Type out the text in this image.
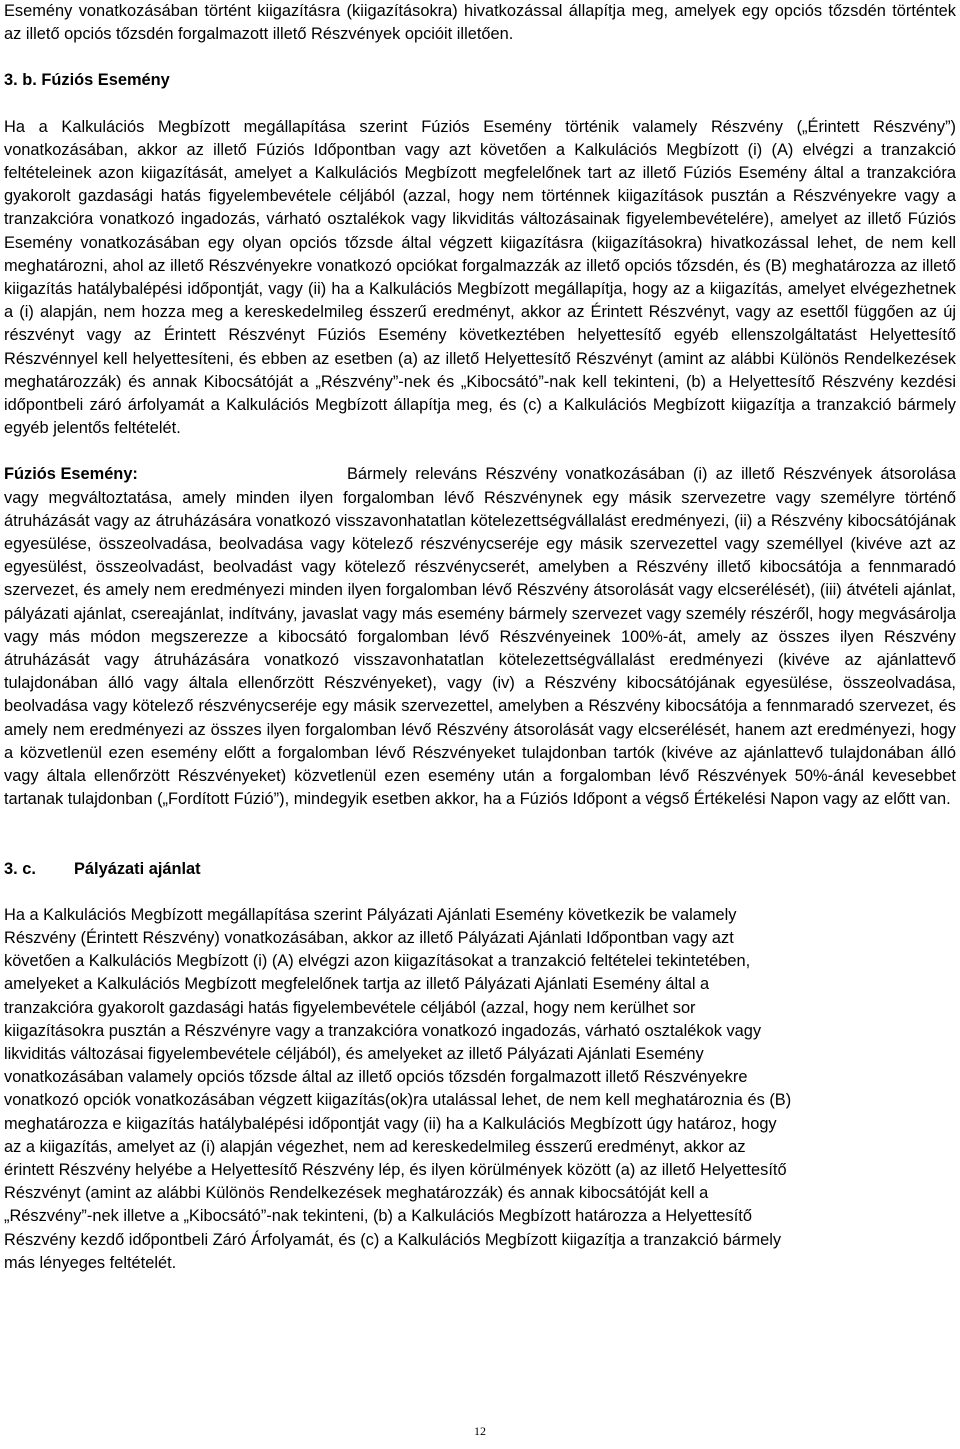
Esemény vonatkozásában történt kiigazításra (kiigazításokra) hivatkozással állapítja meg, amelyek egy opciós tőzsdén történtek az illető opciós tőzsdén forgalmazott illető Részvények opcióit illetően.

3. b. Fúziós Esemény

Ha a Kalkulációs Megbízott megállapítása szerint Fúziós Esemény történik valamely Részvény („Érintett Részvény”) vonatkozásában, akkor az illető Fúziós Időpontban vagy azt követően a Kalkulációs Megbízott (i) (A) elvégzi a tranzakció feltételeinek azon kiigazítását, amelyet a Kalkulációs Megbízott megfelelőnek tart az illető Fúziós Esemény által a tranzakcióra gyakorolt gazdasági hatás figyelembevétele céljából (azzal, hogy nem történnek kiigazítások pusztán a Részvényekre vagy a tranzakcióra vonatkozó ingadozás, várható osztalékok vagy likviditás változásainak figyelembevételére), amelyet az illető Fúziós Esemény vonatkozásában egy olyan opciós tőzsde által végzett kiigazításra (kiigazításokra) hivatkozással lehet, de nem kell meghatározni, ahol az illető Részvényekre vonatkozó opciókat forgalmazzák az illető opciós tőzsdén, és (B) meghatározza az illető kiigazítás hatálybalépési időpontját, vagy (ii) ha a Kalkulációs Megbízott megállapítja, hogy az a kiigazítás, amelyet elvégezhetnek a (i) alapján, nem hozza meg a kereskedelmileg ésszerű eredményt, akkor az Érintett Részvényt, vagy az esettől függően az új részvényt vagy az Érintett Részvényt Fúziós Esemény következtében helyettesítő egyéb ellenszolgáltatást Helyettesítő Részvénnyel kell helyettesíteni, és ebben az esetben (a) az illető Helyettesítő Részvényt (amint az alábbi Különös Rendelkezések meghatározzák) és annak Kibocsátóját a „Részvény”-nek és „Kibocsátó”-nak kell tekinteni, (b) a Helyettesítő Részvény kezdési időpontbeli záró árfolyamát a Kalkulációs Megbízott állapítja meg, és (c) a Kalkulációs Megbízott kiigazítja a tranzakció bármely egyéb jelentős feltételét.

Fúziós Esemény:	Bármely releváns Részvény vonatkozásában (i) az illető Részvények átsorolása vagy megváltoztatása, amely minden ilyen forgalomban lévő Részvénynek egy másik szervezetre vagy személyre történő átruházását vagy az átruházására vonatkozó visszavonhatatlan kötelezettségvállalást eredményezi, (ii) a Részvény kibocsátójának egyesülése, összeolvadása, beolvadása vagy kötelező részvénycseréje egy másik szervezettel vagy személlyel (kivéve azt az egyesülést, összeolvadást, beolvadást vagy kötelező részvénycserét, amelyben a Részvény illető kibocsátója a fennmaradó szervezet, és amely nem eredményezi minden ilyen forgalomban lévő Részvény átsorolását vagy elcserélését), (iii) átvételi ajánlat, pályázati ajánlat, csereajánlat, indítvány, javaslat vagy más esemény bármely szervezet vagy személy részéről, hogy megvásárolja vagy más módon megszerezze a kibocsátó forgalomban lévő Részvényeinek 100%-át, amely az összes ilyen Részvény átruházását vagy átruházására vonatkozó visszavonhatatlan kötelezettségvállalást eredményezi (kivéve az ajánlattevő tulajdonában álló vagy általa ellenőrzött Részvényeket), vagy (iv) a Részvény kibocsátójának egyesülése, összeolvadása, beolvadása vagy kötelező részvénycseréje egy másik szervezettel, amelyben a Részvény kibocsátója a fennmaradó szervezet, és amely nem eredményezi az összes ilyen forgalomban lévő Részvény átsorolását vagy elcserélését, hanem azt eredményezi, hogy a közvetlenül ezen esemény előtt a forgalomban lévő Részvényeket tulajdonban tartók (kivéve az ajánlattevő tulajdonában álló vagy általa ellenőrzött Részvényeket) közvetlenül ezen esemény után a forgalomban lévő Részvények 50%-ánál kevesebbet tartanak tulajdonban („Fordított Fúzió”), mindegyik esetben akkor, ha a Fúziós Időpont a végső Értékelési Napon vagy az előtt van.

3. c. Pályázati ajánlat

Ha a Kalkulációs Megbízott megállapítása szerint Pályázati Ajánlati Esemény következik be valamely

Részvény (Érintett Részvény) vonatkozásában, akkor az illető Pályázati Ajánlati Időpontban vagy azt

követően a Kalkulációs Megbízott (i) (A) elvégzi azon kiigazításokat a tranzakció feltételei tekintetében,

amelyeket a Kalkulációs Megbízott megfelelőnek tartja az illető Pályázati Ajánlati Esemény által a

tranzakcióra gyakorolt gazdasági hatás figyelembevétele céljából (azzal, hogy nem kerülhet sor

kiigazításokra pusztán a Részvényre vagy a tranzakcióra vonatkozó ingadozás, várható osztalékok vagy

likviditás változásai figyelembevétele céljából), és amelyeket az illető Pályázati Ajánlati Esemény

vonatkozásában valamely opciós tőzsde által az illető opciós tőzsdén forgalmazott illető Részvényekre

vonatkozó opciók vonatkozásában végzett kiigazítás(ok)ra utalással lehet, de nem kell meghatároznia és (B)

meghatározza e kiigazítás hatálybalépési időpontját vagy (ii) ha a Kalkulációs Megbízott úgy határoz, hogy

az a kiigazítás, amelyet az (i) alapján végezhet, nem ad kereskedelmileg ésszerű eredményt, akkor az

érintett Részvény helyébe a Helyettesítő Részvény lép, és ilyen körülmények között (a) az illető Helyettesítő

Részvényt (amint az alábbi Különös Rendelkezések meghatározzák) és annak kibocsátóját kell a

„Részvény”-nek illetve a „Kibocsátó”-nak tekinteni, (b) a Kalkulációs Megbízott határozza a Helyettesítő

Részvény kezdő időpontbeli Záró Árfolyamát, és (c) a Kalkulációs Megbízott kiigazítja a tranzakció bármely

más lényeges feltételét.

12
